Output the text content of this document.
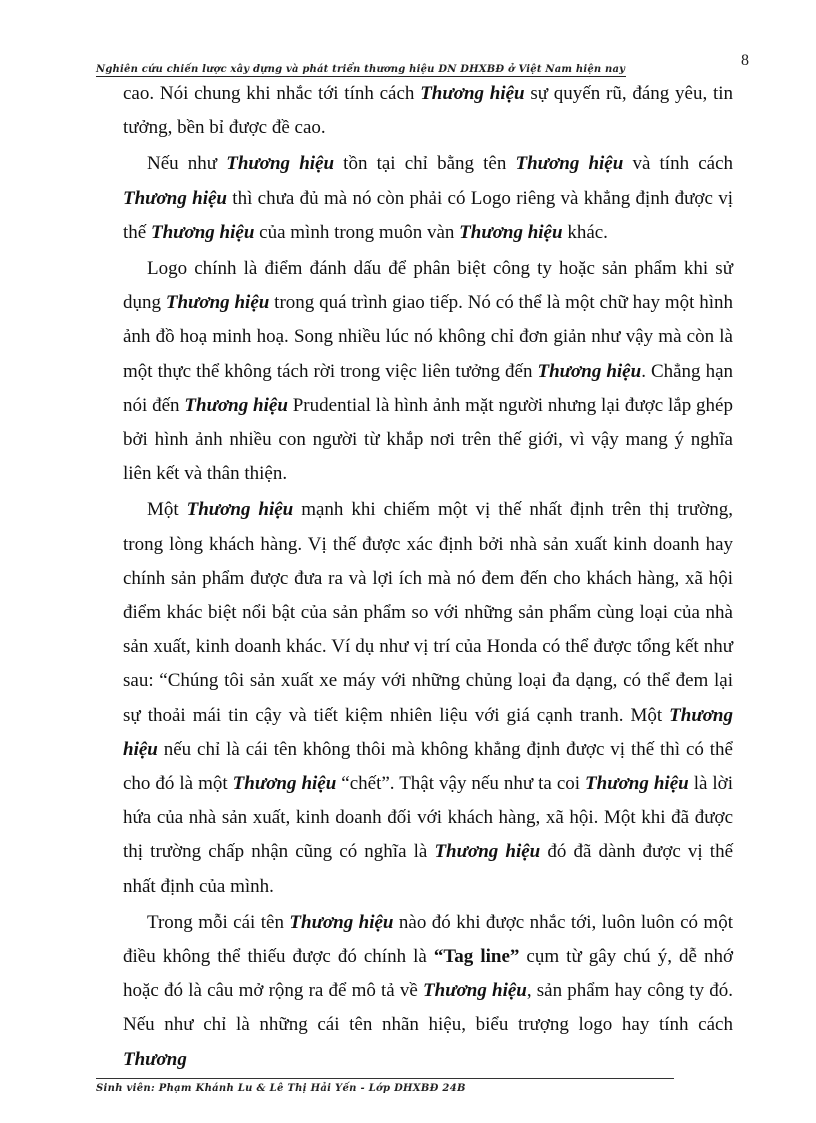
Nghiên cứu chiến lược xây dựng và phát triển thương hiệu DN DHXBĐ ở Việt Nam hiện nay
8

cao. Nói chung khi nhắc tới tính cách Thương hiệu sự quyến rũ, đáng yêu, tin tưởng, bền bỉ được đề cao.

Nếu như Thương hiệu tồn tại chỉ bằng tên Thương hiệu và tính cách Thương hiệu thì chưa đủ mà nó còn phải có Logo riêng và khẳng định được vị thế Thương hiệu của mình trong muôn vàn Thương hiệu khác.

Logo chính là điểm đánh dấu để phân biệt công ty hoặc sản phẩm khi sử dụng Thương hiệu trong quá trình giao tiếp. Nó có thể là một chữ hay một hình ảnh đồ hoạ minh hoạ. Song nhiều lúc nó không chỉ đơn giản như vậy mà còn là một thực thể không tách rời trong việc liên tưởng đến Thương hiệu. Chẳng hạn nói đến Thương hiệu Prudential là hình ảnh mặt người nhưng lại được lắp ghép bởi hình ảnh nhiều con người từ khắp nơi trên thế giới, vì vậy mang ý nghĩa liên kết và thân thiện.

Một Thương hiệu mạnh khi chiếm một vị thế nhất định trên thị trường, trong lòng khách hàng. Vị thế được xác định bởi nhà sản xuất kinh doanh hay chính sản phẩm được đưa ra và lợi ích mà nó đem đến cho khách hàng, xã hội điểm khác biệt nổi bật của sản phẩm so với những sản phẩm cùng loại của nhà sản xuất, kinh doanh khác. Ví dụ như vị trí của Honda có thể được tổng kết như sau: “Chúng tôi sản xuất xe máy với những chủng loại đa dạng, có thể đem lại sự thoải mái tin cậy và tiết kiệm nhiên liệu với giá cạnh tranh. Một Thương hiệu nếu chỉ là cái tên không thôi mà không khẳng định được vị thế thì có thể cho đó là một Thương hiệu “chết”. Thật vậy nếu như ta coi Thương hiệu là lời hứa của nhà sản xuất, kinh doanh đối với khách hàng, xã hội. Một khi đã được thị trường chấp nhận cũng có nghĩa là Thương hiệu đó đã dành được vị thế nhất định của mình.

Trong mỗi cái tên Thương hiệu nào đó khi được nhắc tới, luôn luôn có một điều không thể thiếu được đó chính là “Tag line” cụm từ gây chú ý, dễ nhớ hoặc đó là câu mở rộng ra để mô tả về Thương hiệu, sản phẩm hay công ty đó. Nếu như chỉ là những cái tên nhãn hiệu, biểu trượng logo hay tính cách Thương

Sinh viên: Phạm Khánh Lu & Lê Thị Hải Yến - Lớp DHXBĐ 24B
